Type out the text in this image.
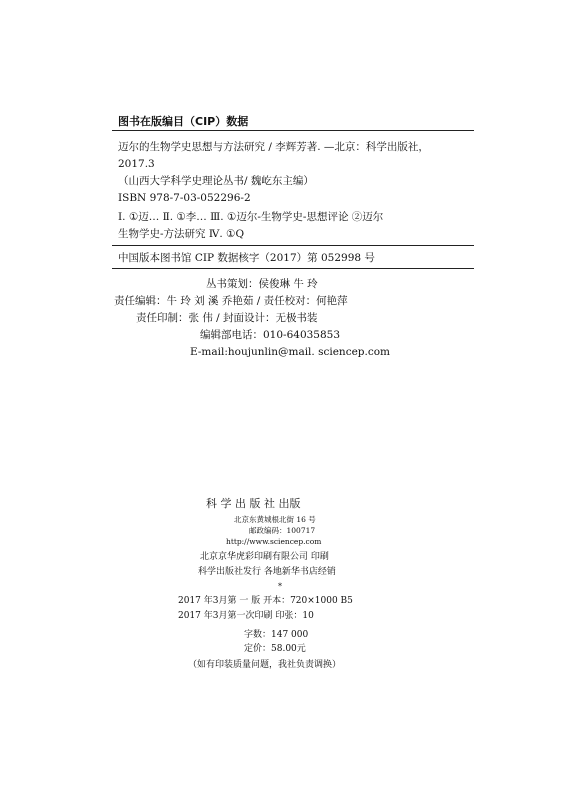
图书在版编目（CIP）数据
迈尔的生物学史思想与方法研究 / 李辉芳著. —北京：科学出版社，
2017.3
（山西大学科学史理论丛书/ 魏屹东主编）
ISBN 978-7-03-052296-2
Ⅰ. ①迈… Ⅱ. ①李… Ⅲ. ①迈尔-生物学史-思想评论 ②迈尔
生物学史-方法研究 Ⅳ. ①Q
中国版本图书馆 CIP 数据核字（2017）第 052998 号
丛书策划：侯俊琳 牛 玲
责任编辑：牛 玲 刘 溪 乔艳茹 / 责任校对：何艳萍
责任印制：张 伟 / 封面设计：无极书装
编辑部电话：010-64035853
E-mail:houjunlin@mail. sciencep.com
科 学 出 版 社 出版
北京东黄城根北街 16 号
邮政编码：100717
http://www.sciencep.com
北京京华虎彩印刷有限公司 印刷
科学出版社发行 各地新华书店经销
*
2017 年3月第 一 版 开本：720×1000 B5
2017 年3月第一次印刷 印张：10
字数：147 000
定价：58.00元
（如有印装质量问题，我社负责调换）
